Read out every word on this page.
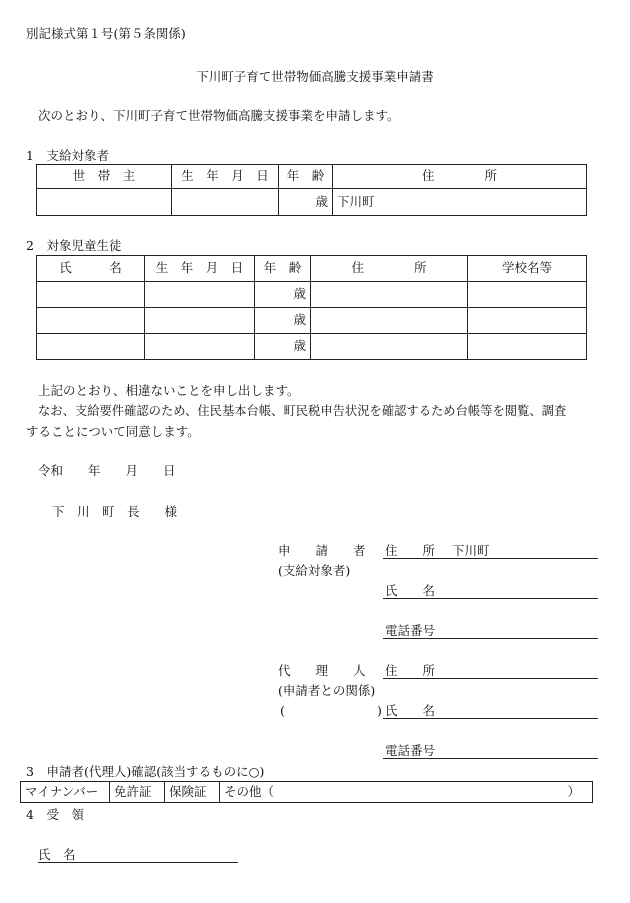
別記様式第１号(第５条関係)
下川町子育て世帯物価高騰支援事業申請書
次のとおり、下川町子育て世帯物価高騰支援事業を申請します。
1　支給対象者
世　帯　主	生　年　月　日	年　齢	住　　　　所
		歳	下川町
2　対象児童生徒
氏　　　名	生　年　月　日	年　齢	住　　　　所	学校名等
		歳		
		歳		
		歳		
上記のとおり、相違ないことを申し出します。
なお、支給要件確認のため、住民基本台帳、町民税申告状況を確認するため台帳等を閲覧、調査
することについて同意します。
令和　　年　　月　　日
下　川　町　長　　様
申　　請　　者
(支給対象者)
住　　所 下川町
氏　　名
電話番号
代　　理　　人
(申請者との関係)
(	)
住　　所
氏　　名
電話番号
3　申請者(代理人)確認(該当するものに○)
マイナンバー	免許証	保険証	その他（	）
4　受　領
氏　名
